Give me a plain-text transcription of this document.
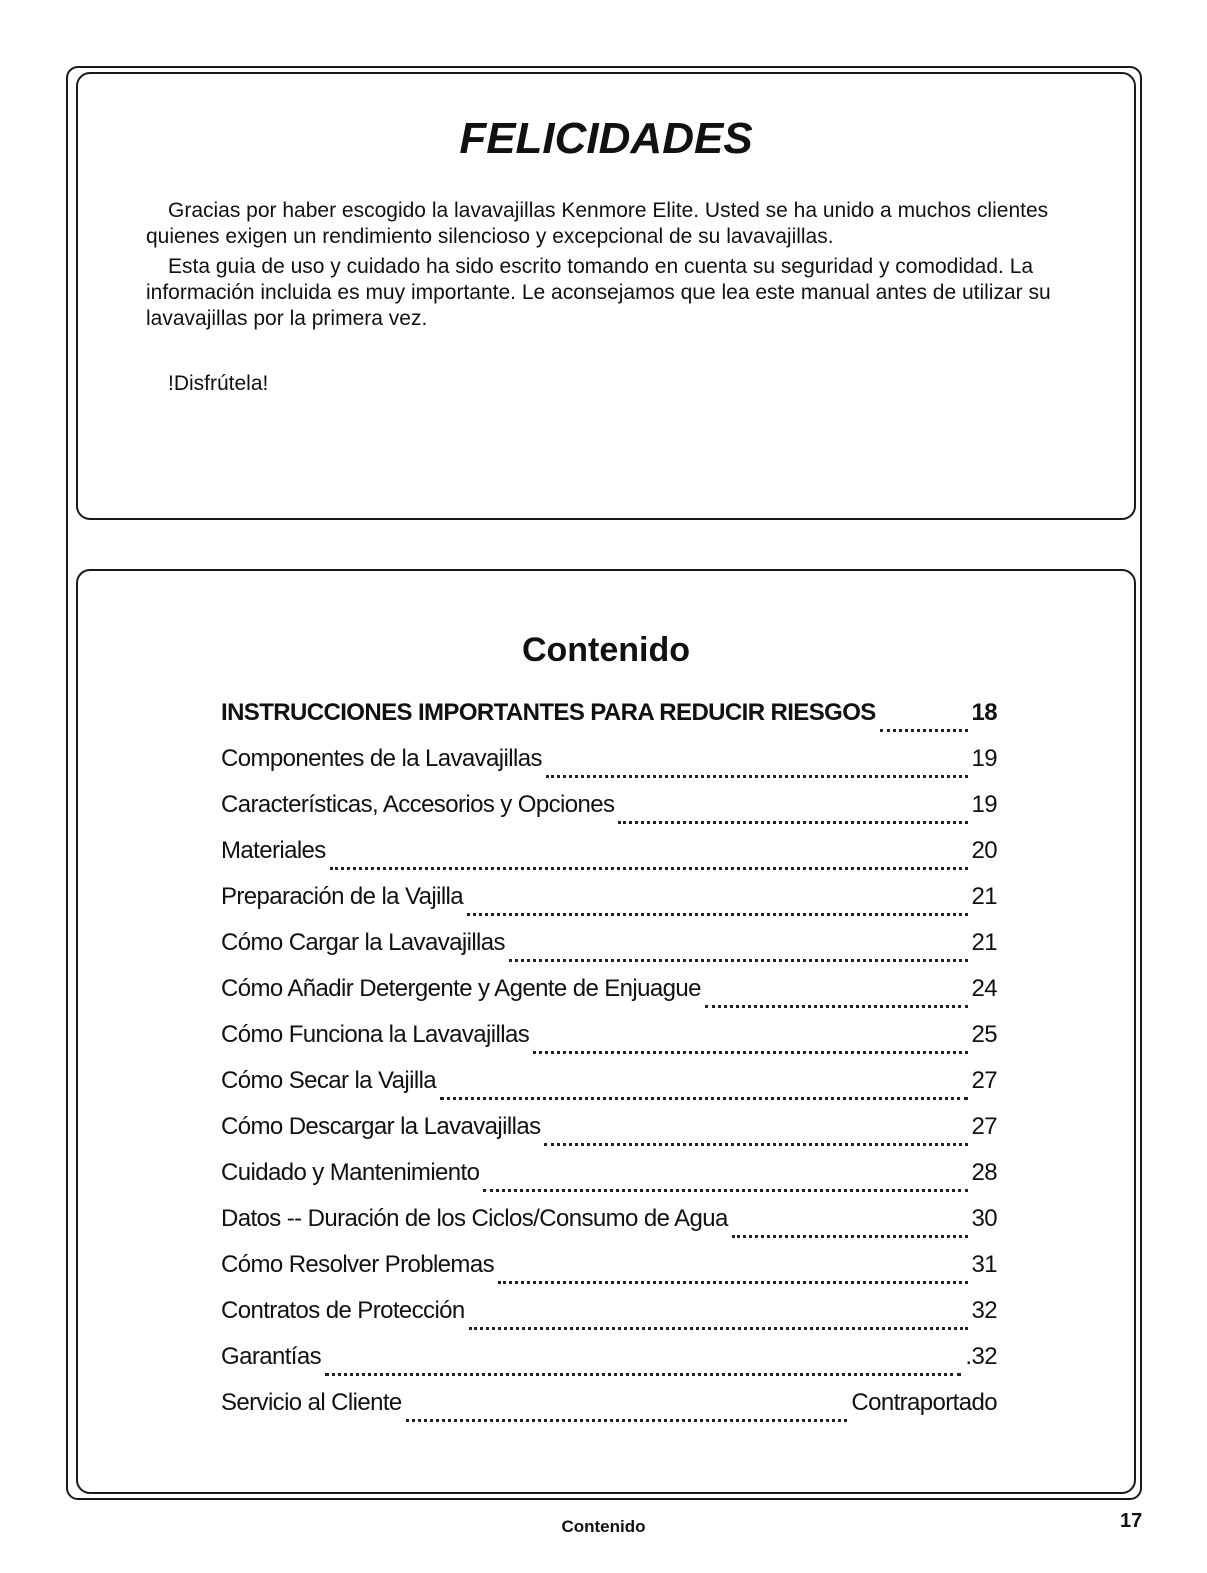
FELICIDADES

Gracias por haber escogido la lavavajillas Kenmore Elite. Usted se ha unido a muchos clientes quienes exigen un rendimiento silencioso y excepcional de su lavavajillas.

Esta guia de uso y cuidado ha sido escrito tomando en cuenta su seguridad y comodidad. La información incluida es muy importante. Le aconsejamos que lea este manual antes de utilizar su lavavajillas por la primera vez.

!Disfrútela!

Contenido
INSTRUCCIONES IMPORTANTES PARA REDUCIR RIESGOS	18
Componentes de la Lavavajillas	19
Características, Accesorios y Opciones	19
Materiales	20
Preparación de la Vajilla	21
Cómo Cargar la Lavavajillas	21
Cómo Añadir Detergente y Agente de Enjuague	24
Cómo Funciona la Lavavajillas	25
Cómo Secar la Vajilla	27
Cómo Descargar la Lavavajillas	27
Cuidado y Mantenimiento	28
Datos -- Duración de los Ciclos/Consumo de Agua	30
Cómo Resolver Problemas	31
Contratos de Protección	32
Garantías	.32
Servicio al Cliente	Contraportado

Contenido	17
